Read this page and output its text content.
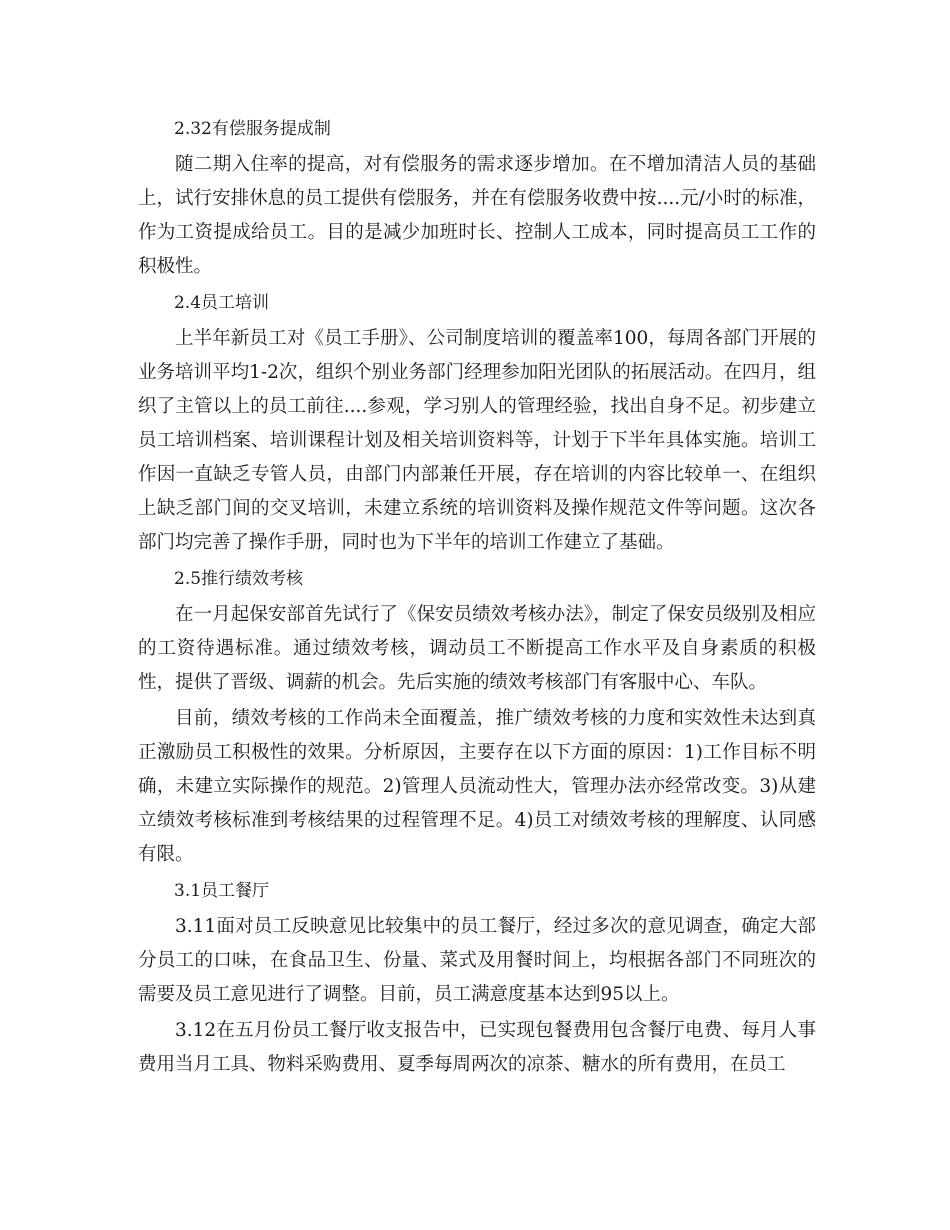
2.32有偿服务提成制

随二期入住率的提高，对有偿服务的需求逐步增加。在不增加清洁人员的基础上，试行安排休息的员工提供有偿服务，并在有偿服务收费中按....元/小时的标准，作为工资提成给员工。目的是减少加班时长、控制人工成本，同时提高员工工作的积极性。

2.4员工培训

上半年新员工对《员工手册》、公司制度培训的覆盖率100，每周各部门开展的业务培训平均1-2次，组织个别业务部门经理参加阳光团队的拓展活动。在四月，组织了主管以上的员工前往....参观，学习别人的管理经验，找出自身不足。初步建立员工培训档案、培训课程计划及相关培训资料等，计划于下半年具体实施。培训工作因一直缺乏专管人员，由部门内部兼任开展，存在培训的内容比较单一、在组织上缺乏部门间的交叉培训，未建立系统的培训资料及操作规范文件等问题。这次各部门均完善了操作手册，同时也为下半年的培训工作建立了基础。

2.5推行绩效考核

在一月起保安部首先试行了《保安员绩效考核办法》，制定了保安员级别及相应的工资待遇标准。通过绩效考核，调动员工不断提高工作水平及自身素质的积极性，提供了晋级、调薪的机会。先后实施的绩效考核部门有客服中心、车队。

目前，绩效考核的工作尚未全面覆盖，推广绩效考核的力度和实效性未达到真正激励员工积极性的效果。分析原因，主要存在以下方面的原因：1)工作目标不明确，未建立实际操作的规范。2)管理人员流动性大，管理办法亦经常改变。3)从建立绩效考核标准到考核结果的过程管理不足。4)员工对绩效考核的理解度、认同感有限。

3.1员工餐厅

3.11面对员工反映意见比较集中的员工餐厅，经过多次的意见调查，确定大部分员工的口味，在食品卫生、份量、菜式及用餐时间上，均根据各部门不同班次的需要及员工意见进行了调整。目前，员工满意度基本达到95以上。

3.12在五月份员工餐厅收支报告中，已实现包餐费用包含餐厅电费、每月人事费用当月工具、物料采购费用、夏季每周两次的凉茶、糖水的所有费用，在员工
